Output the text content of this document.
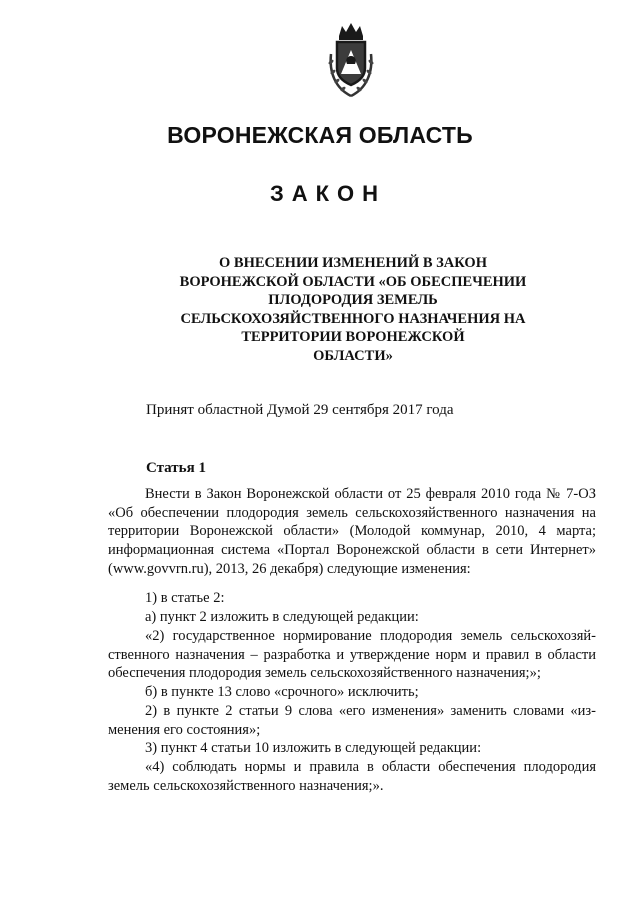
ВОРОНЕЖСКАЯ ОБЛАСТЬ
ЗАКОН
О ВНЕСЕНИИ ИЗМЕНЕНИЙ В ЗАКОН
ВОРОНЕЖСКОЙ ОБЛАСТИ «ОБ ОБЕСПЕЧЕНИИ
ПЛОДОРОДИЯ ЗЕМЕЛЬ
СЕЛЬСКОХОЗЯЙСТВЕННОГО НАЗНАЧЕНИЯ НА
ТЕРРИТОРИИ ВОРОНЕЖСКОЙ
ОБЛАСТИ»

Принят областной Думой 29 сентября 2017 года

Статья 1

Внести в Закон Воронежской области от 25 февраля 2010 года № 7-ОЗ «Об обеспечении плодородия земель сельскохозяйственного назначения на территории Воронежской области» (Молодой коммунар, 2010, 4 марта; информационная система «Портал Воронежской области в сети Интернет» (www.govvrn.ru), 2013, 26 декабря) следующие изменения:

1) в статье 2:

а) пункт 2 изложить в следующей редакции:

«2) государственное нормирование плодородия земель сельскохозяйственного назначения – разработка и утверждение норм и правил в области обеспечения плодородия земель сельскохозяйственного назначения;»;

б) в пункте 13 слово «срочного» исключить;

2) в пункте 2 статьи 9 слова «его изменения» заменить словами «изменения его состояния»;

3) пункт 4 статьи 10 изложить в следующей редакции:

«4) соблюдать нормы и правила в области обеспечения плодородия земель сельскохозяйственного назначения;».
